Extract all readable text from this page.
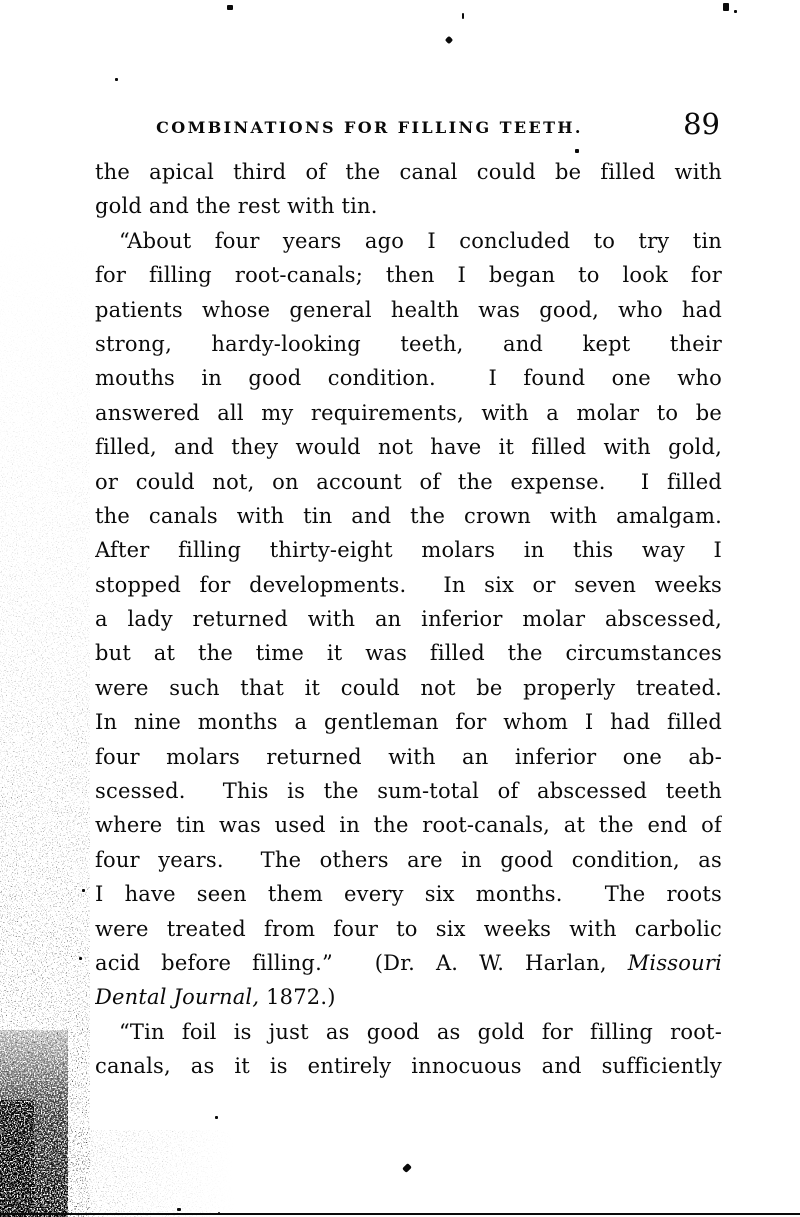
COMBINATIONS FOR FILLING TEETH.	89
the apical third of the canal could be filled with
gold and the rest with tin.
“About four years ago I concluded to try tin
for filling root-canals; then I began to look for
patients whose general health was good, who had
strong, hardy-looking teeth, and kept their
mouths in good condition.  I found one who
answered all my requirements, with a molar to be
filled, and they would not have it filled with gold,
or could not, on account of the expense.  I filled
the canals with tin and the crown with amalgam.
After filling thirty-eight molars in this way I
stopped for developments.  In six or seven weeks
a lady returned with an inferior molar abscessed,
but at the time it was filled the circumstances
were such that it could not be properly treated.
In nine months a gentleman for whom I had filled
four molars returned with an inferior one ab-
scessed.  This is the sum-total of abscessed teeth
where tin was used in the root-canals, at the end of
four years.  The others are in good condition, as
I have seen them every six months.  The roots
were treated from four to six weeks with carbolic
acid before filling.”  (Dr. A. W. Harlan, Missouri
Dental Journal, 1872.)
“Tin foil is just as good as gold for filling root-
canals, as it is entirely innocuous and sufficiently
